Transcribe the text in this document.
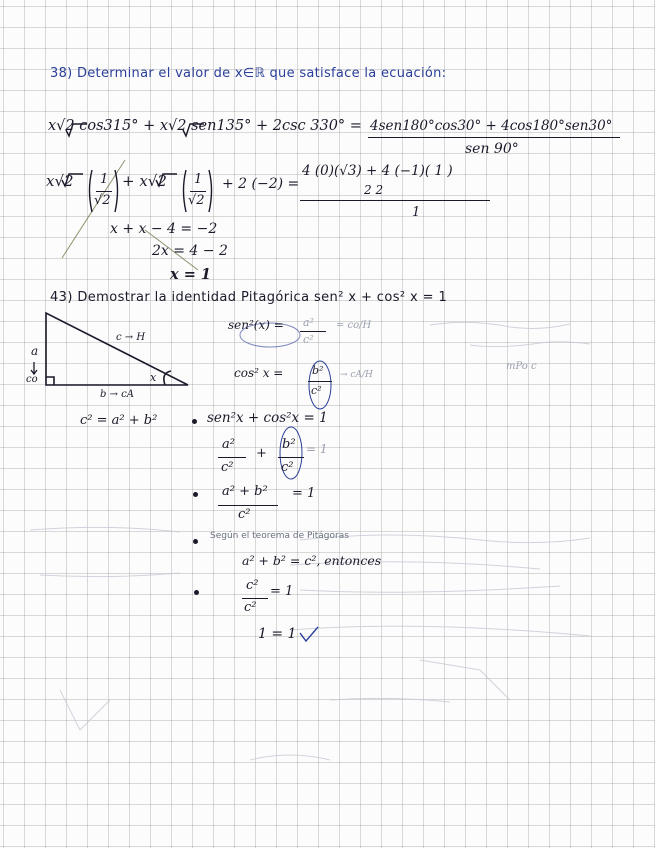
38) Determinar el valor de x∈ℝ que satisface la ecuación:
x√2 cos315° + x√2 sen135° + 2csc 330° = 4sen180°cos30° + 4cos180°sen30°
sen 90°
x√2 1
√2
+ x√2 1
√2
+ 2 (−2) =
4 (0)(√3) + 4 (−1)( 1 )
2 2
1
x + x − 4 = −2
2x = 4 − 2
x = 1
43) Demostrar la identidad Pitagórica sen² x + cos² x = 1
a
co
c → H
x
b → cA
c² = a² + b²
sen²(x) = a²
c²
= co/H
cos² x =	b²
c²
→ cA/H
mPo c
sen²x + cos²x = 1
a²
c²
+
b²
c²
= 1
a² + b²
c²
= 1
Según el teorema de Pitágoras
a² + b² = c², entonces
c²
c²
= 1
1 = 1
